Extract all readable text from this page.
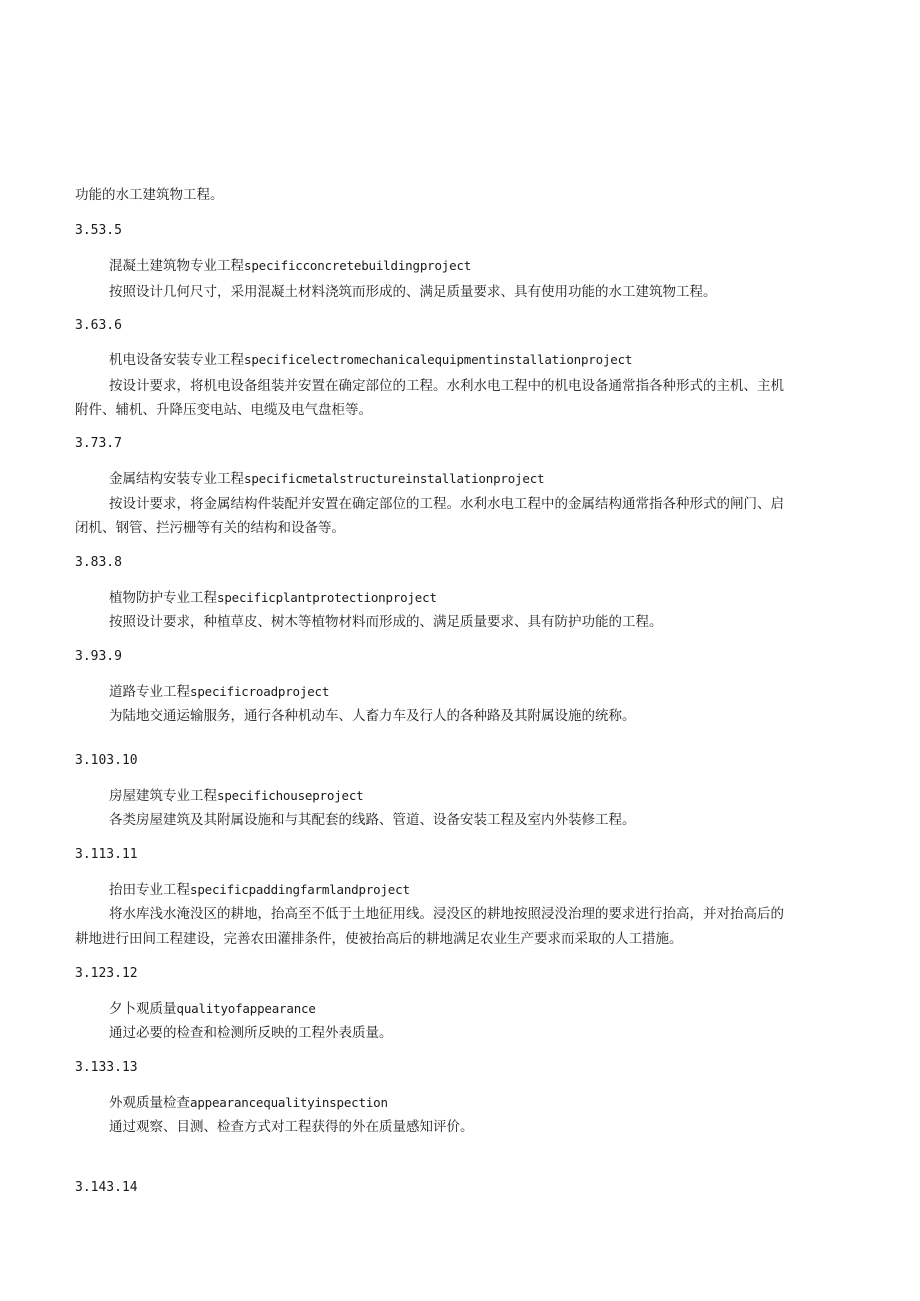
功能的水工建筑物工程。
3.53.5
混凝土建筑物专业工程specificconcretebuildingproject
按照设计几何尺寸，采用混凝土材料浇筑而形成的、满足质量要求、具有使用功能的水工建筑物工程。
3.63.6
机电设备安装专业工程specificelectromechanicalequipmentinstallationproject
按设计要求，将机电设备组装并安置在确定部位的工程。水利水电工程中的机电设备通常指各种形式的主机、主机
附件、辅机、升降压变电站、电缆及电气盘柜等。
3.73.7
金属结构安装专业工程specificmetalstructureinstallationproject
按设计要求，将金属结构件装配并安置在确定部位的工程。水利水电工程中的金属结构通常指各种形式的闸门、启
闭机、钢管、拦污栅等有关的结构和设备等。
3.83.8
植物防护专业工程specificplantprotectionproject
按照设计要求，种植草皮、树木等植物材料而形成的、满足质量要求、具有防护功能的工程。
3.93.9
道路专业工程specificroadproject
为陆地交通运输服务，通行各种机动车、人畜力车及行人的各种路及其附属设施的统称。
3.103.10
房屋建筑专业工程specifichouseproject
各类房屋建筑及其附属设施和与其配套的线路、管道、设备安装工程及室内外装修工程。
3.113.11
抬田专业工程specificpaddingfarmlandproject
将水库浅水淹没区的耕地，抬高至不低于土地征用线。浸没区的耕地按照浸没治理的要求进行抬高，并对抬高后的
耕地进行田间工程建设，完善农田灌排条件，使被抬高后的耕地满足农业生产要求而采取的人工措施。
3.123.12
夕卜观质量qualityofappearance
通过必要的检查和检测所反映的工程外表质量。
3.133.13
外观质量检查appearancequalityinspection
通过观察、目测、检查方式对工程获得的外在质量感知评价。
3.143.14
